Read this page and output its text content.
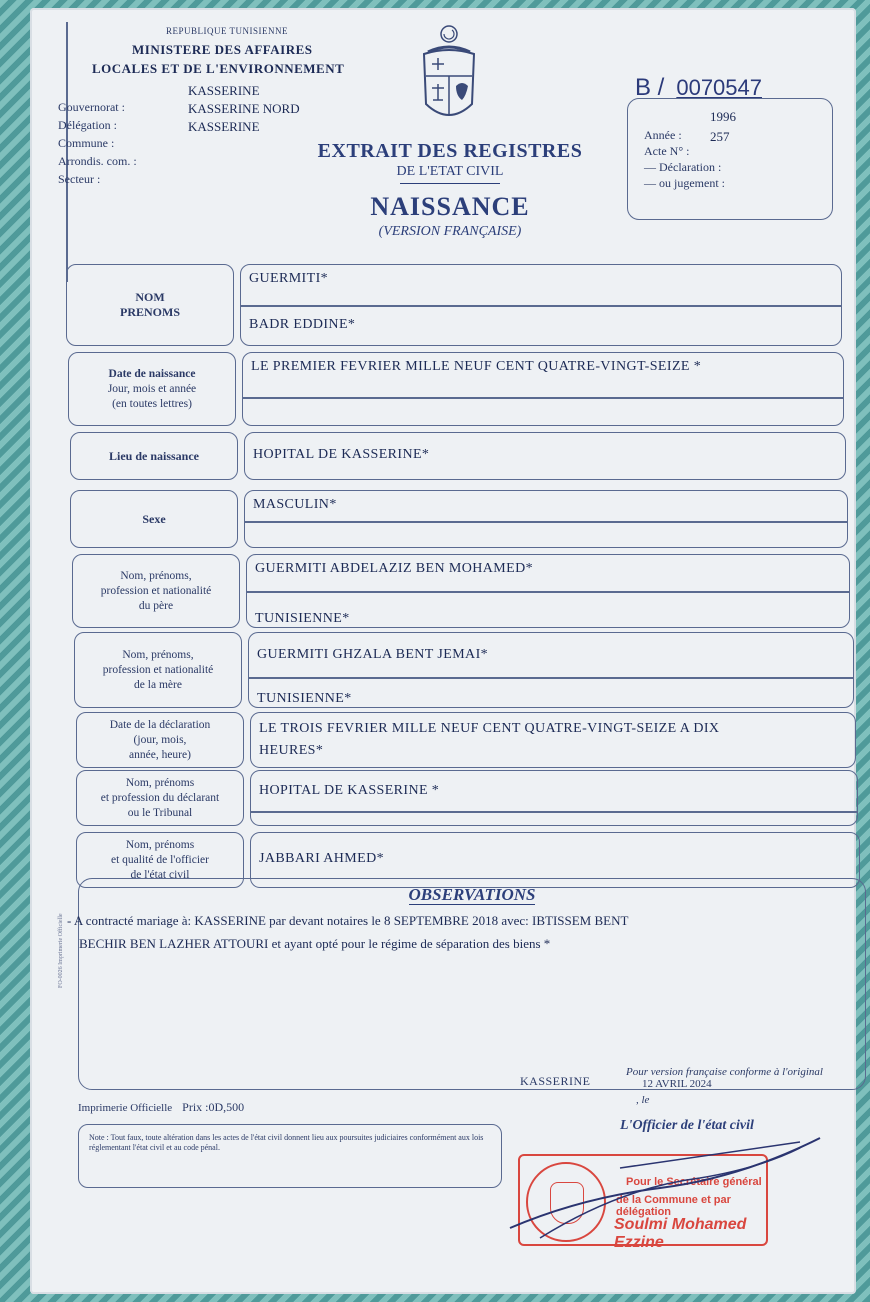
REPUBLIQUE TUNISIENNE
MINISTERE DES AFFAIRES
LOCALES ET DE L'ENVIRONNEMENT
Gouvernorat :
Délégation :
Commune :
Arrondis. com. :
Secteur :
KASSERINE
KASSERINE NORD
KASSERINE
EXTRAIT DES REGISTRES
DE L'ETAT CIVIL
NAISSANCE
(VERSION FRANÇAISE)
B / 0070547
1996
257
Année :
Acte N° :
— Déclaration :
— ou jugement :
NOM
PRENOMS
GUERMITI*
BADR EDDINE*
Date de naissance
Jour, mois et année
(en toutes lettres)
LE PREMIER FEVRIER MILLE NEUF CENT QUATRE-VINGT-SEIZE *
Lieu de naissance	HOPITAL DE KASSERINE*
Sexe
MASCULIN*
Nom, prénoms,
profession et nationalité
du père
GUERMITI ABDELAZIZ BEN MOHAMED*
TUNISIENNE*
Nom, prénoms,
profession et nationalité
de la mère
GUERMITI GHZALA BENT JEMAI*
TUNISIENNE*
Date de la déclaration
(jour, mois,
année, heure)
LE TROIS FEVRIER MILLE NEUF CENT QUATRE-VINGT-SEIZE A DIX
HEURES*
Nom, prénoms
et profession du déclarant
ou le Tribunal
HOPITAL DE KASSERINE *
Nom, prénoms
et qualité de l'officier
de l'état civil
JABBARI AHMED*
OBSERVATIONS
- A contracté mariage à: KASSERINE par devant notaires le 8 SEPTEMBRE 2018 avec: IBTISSEM BENT
BECHIR BEN LAZHER ATTOURI et ayant opté pour le régime de séparation des biens *
FO-0026 Imprimerie Officielle
Imprimerie Officielle Prix :0D,500
Note : Tout faux, toute altération dans les actes de l'état civil donnent lieu aux poursuites judiciaires conformément aux lois réglementant l'état civil et au code pénal.
KASSERINE
Pour version française conforme à l'original
12 AVRIL 2024
, le
L'Officier de l'état civil
Pour le Secrétaire général
de la Commune et par délégation
Soulmi Mohamed Ezzine
